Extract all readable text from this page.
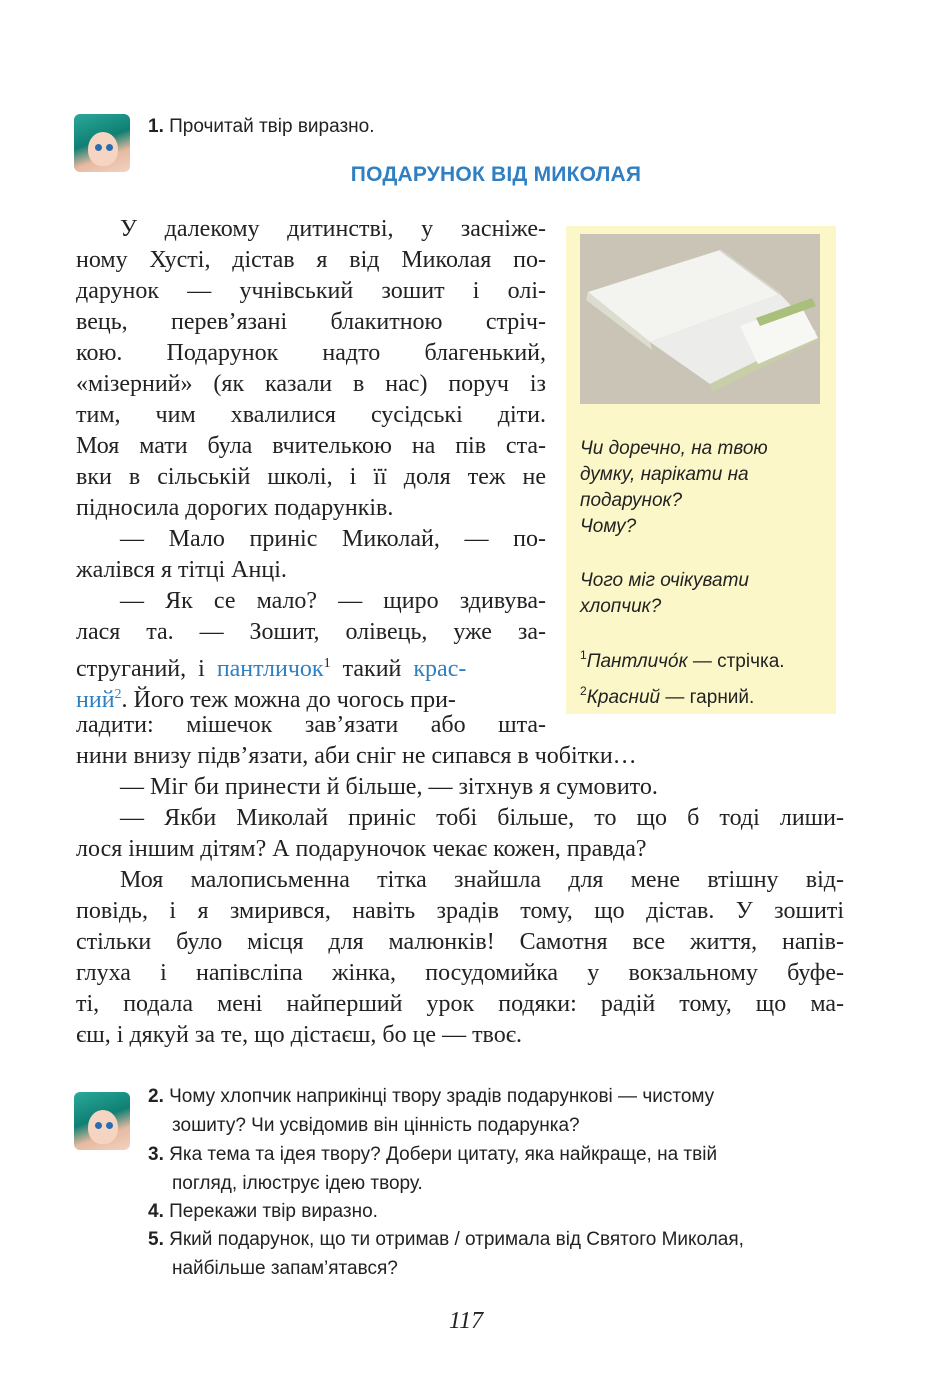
1. Прочитай твір виразно.
ПОДАРУНОК ВІД МИКОЛАЯ
У далекому дитинстві, у засніже-
ному Хусті, дістав я від Миколая по-
дарунок — учнівський зошит і олі-
вець, перев’язані блакитною стріч-
кою. Подарунок надто благенький,
«мізерний» (як казали в нас) поруч із
тим, чим хвалилися сусідські діти.
Моя мати була вчителькою на пів ста-
вки в сільській школі, і її доля теж не
підносила дорогих подарунків.
— Мало приніс Миколай, — по-
жалівся я тітці Анці.
— Як се мало? — щиро здивува-
лася та. — Зошит, олівець, уже за-
cтруганий, і пантличок$^1$ такий крас-
ний$^2$. Його теж можна до чогось при-
ладити: мішечок зав’язати або шта-
нини внизу підв’язати, аби сніг не сипався в чобітки…
— Міг би принести й більше, — зітхнув я сумовито.
— Якби Миколай приніс тобі більше, то що б тоді лиши-
лося іншим дітям? А подаруночок чекає кожен, правда?
Моя малописьменна тітка знайшла для мене втішну від-
повідь, і я змирився, навіть зрадів тому, що дістав. У зошиті
стільки було місця для малюнків! Самотня все життя, напів-
глуха і напівсліпа жінка, посудомийка у вокзальному буфе-
ті, подала мені найперший урок подяки: радій тому, що ма-
єш, і дякуй за те, що дістаєш, бо це — твоє.
Чи доречно, на твою
думку, нарікати на
подарунок?
Чому?
Чого міг очікувати
хлопчик?
$^1$Пантличо́к — стрічка.
$^2$Красний — гарний.
2. Чому хлопчик наприкінці твору зрадів подарункові — чистому
зошиту? Чи усвідомив він цінність подарунка?
3. Яка тема та ідея твору? Добери цитату, яка найкраще, на твій
погляд, ілюструє ідею твору.
4. Перекажи твір виразно.
5. Який подарунок, що ти отримав / отримала від Святого Миколая,
найбільше запам’ятався?
117
